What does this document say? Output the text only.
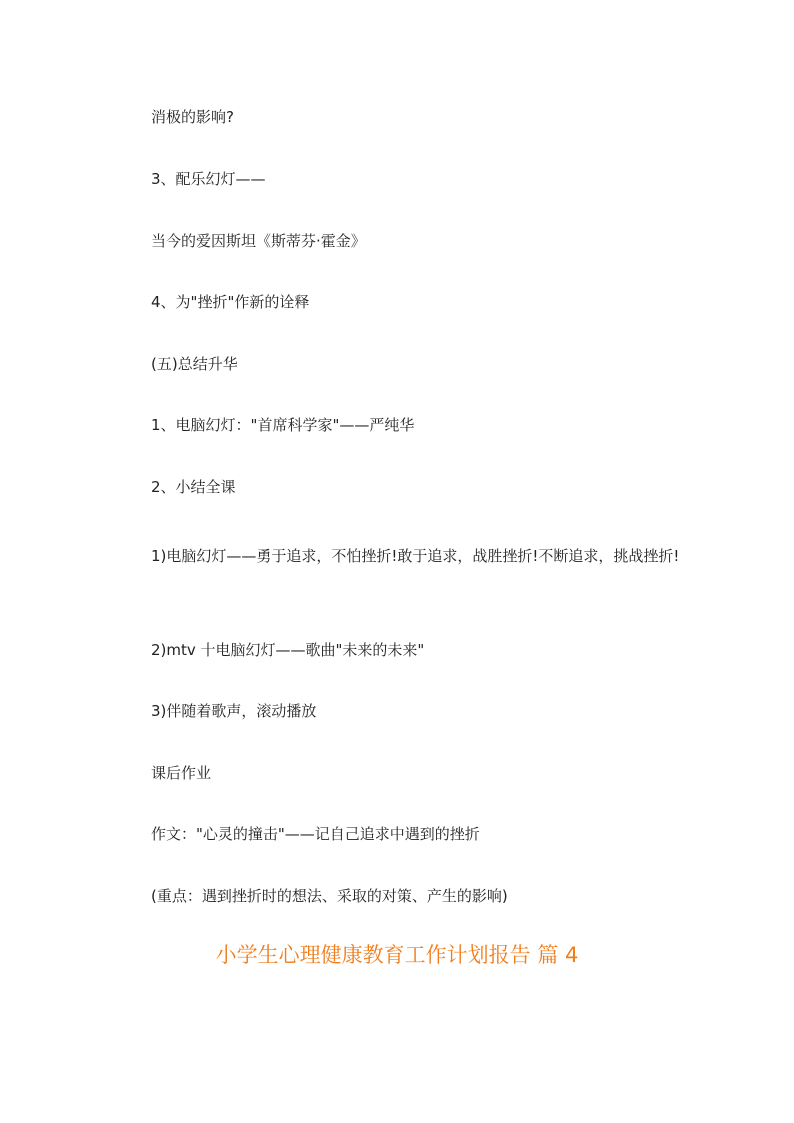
消极的影响?

3、配乐幻灯——

当今的爱因斯坦《斯蒂芬·霍金》

4、为"挫折"作新的诠释

(五)总结升华

1、电脑幻灯："首席科学家"——严纯华

2、小结全课

1)电脑幻灯——勇于追求，不怕挫折!敢于追求，战胜挫折!不断追求，挑战挫折!

2)mtv 十电脑幻灯——歌曲"未来的未来"

3)伴随着歌声，滚动播放

课后作业

作文："心灵的撞击"——记自己追求中遇到的挫折

(重点：遇到挫折时的想法、采取的对策、产生的影响)

小学生心理健康教育工作计划报告 篇 4
